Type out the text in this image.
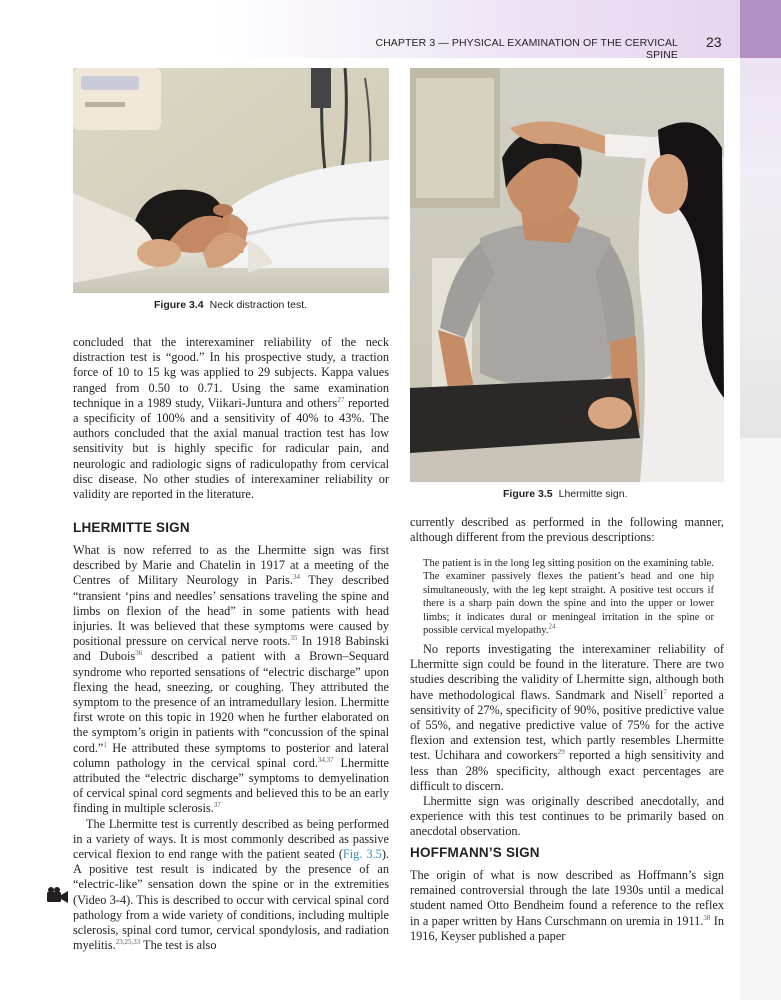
CHAPTER 3 — PHYSICAL EXAMINATION OF THE CERVICAL SPINE
23
Figure 3.4 Neck distraction test.
Figure 3.5 Lhermitte sign.

concluded that the interexaminer reliability of the neck distraction test is “good.” In his prospective study, a traction force of 10 to 15 kg was applied to 29 subjects. Kappa values ranged from 0.50 to 0.71. Using the same examination technique in a 1989 study, Viikari-Juntura and others$^{27}$ reported a specificity of 100% and a sensitivity of 40% to 43%. The authors concluded that the axial manual traction test has low sensitivity but is highly specific for radicular pain, and neurologic and radiologic signs of radiculopathy from cervical disc disease. No other studies of interexaminer reliability or validity are reported in the literature.

LHERMITTE SIGN

What is now referred to as the Lhermitte sign was first described by Marie and Chatelin in 1917 at a meeting of the Centres of Military Neurology in Paris.$^{34}$ They described “transient ‘pins and needles’ sensations traveling the spine and limbs on flexion of the head” in some patients with head injuries. It was believed that these symptoms were caused by positional pressure on cervical nerve roots.$^{35}$ In 1918 Babinski and Dubois$^{36}$ described a patient with a Brown–Sequard syndrome who reported sensations of “electric discharge” upon flexing the head, sneezing, or coughing. They attributed the symptom to the presence of an intramedullary lesion. Lhermitte first wrote on this topic in 1920 when he further elaborated on the symptom’s origin in patients with “concussion of the spinal cord.”$^1$ He attributed these symptoms to posterior and lateral column pathology in the cervical spinal cord.$^{34,37}$ Lhermitte attributed the “electric discharge” symptoms to demyelination of cervical spinal cord segments and believed this to be an early finding in multiple sclerosis.$^{37}$

The Lhermitte test is currently described as being performed in a variety of ways. It is most commonly described as passive cervical flexion to end range with the patient seated (Fig. 3.5). A positive test result is indicated by the presence of an “electric-like” sensation down the spine or in the extremities (Video 3-4). This is described to occur with cervical spinal cord pathology from a wide variety of conditions, including multiple sclerosis, spinal cord tumor, cervical spondylosis, and radiation myelitis.$^{23,25,33}$ The test is also

currently described as performed in the following manner, although different from the previous descriptions:
The patient is in the long leg sitting position on the examining table. The examiner passively flexes the patient’s head and one hip simultaneously, with the leg kept straight. A positive test occurs if there is a sharp pain down the spine and into the upper or lower limbs; it indicates dural or meningeal irritation in the spine or possible cervical myelopathy.$^{24}$

No reports investigating the interexaminer reliability of Lhermitte sign could be found in the literature. There are two studies describing the validity of Lhermitte sign, although both have methodological flaws. Sandmark and Nisell$^7$ reported a sensitivity of 27%, specificity of 90%, positive predictive value of 55%, and negative predictive value of 75% for the active flexion and extension test, which partly resembles Lhermitte test. Uchihara and coworkers$^{29}$ reported a high sensitivity and less than 28% specificity, although exact percentages are difficult to discern.

Lhermitte sign was originally described anecdotally, and experience with this test continues to be primarily based on anecdotal observation.

HOFFMANN’S SIGN

The origin of what is now described as Hoffmann’s sign remained controversial through the late 1930s until a medical student named Otto Bendheim found a reference to the reflex in a paper written by Hans Curschmann on uremia in 1911.38 In 1916, Keyser published a paper
